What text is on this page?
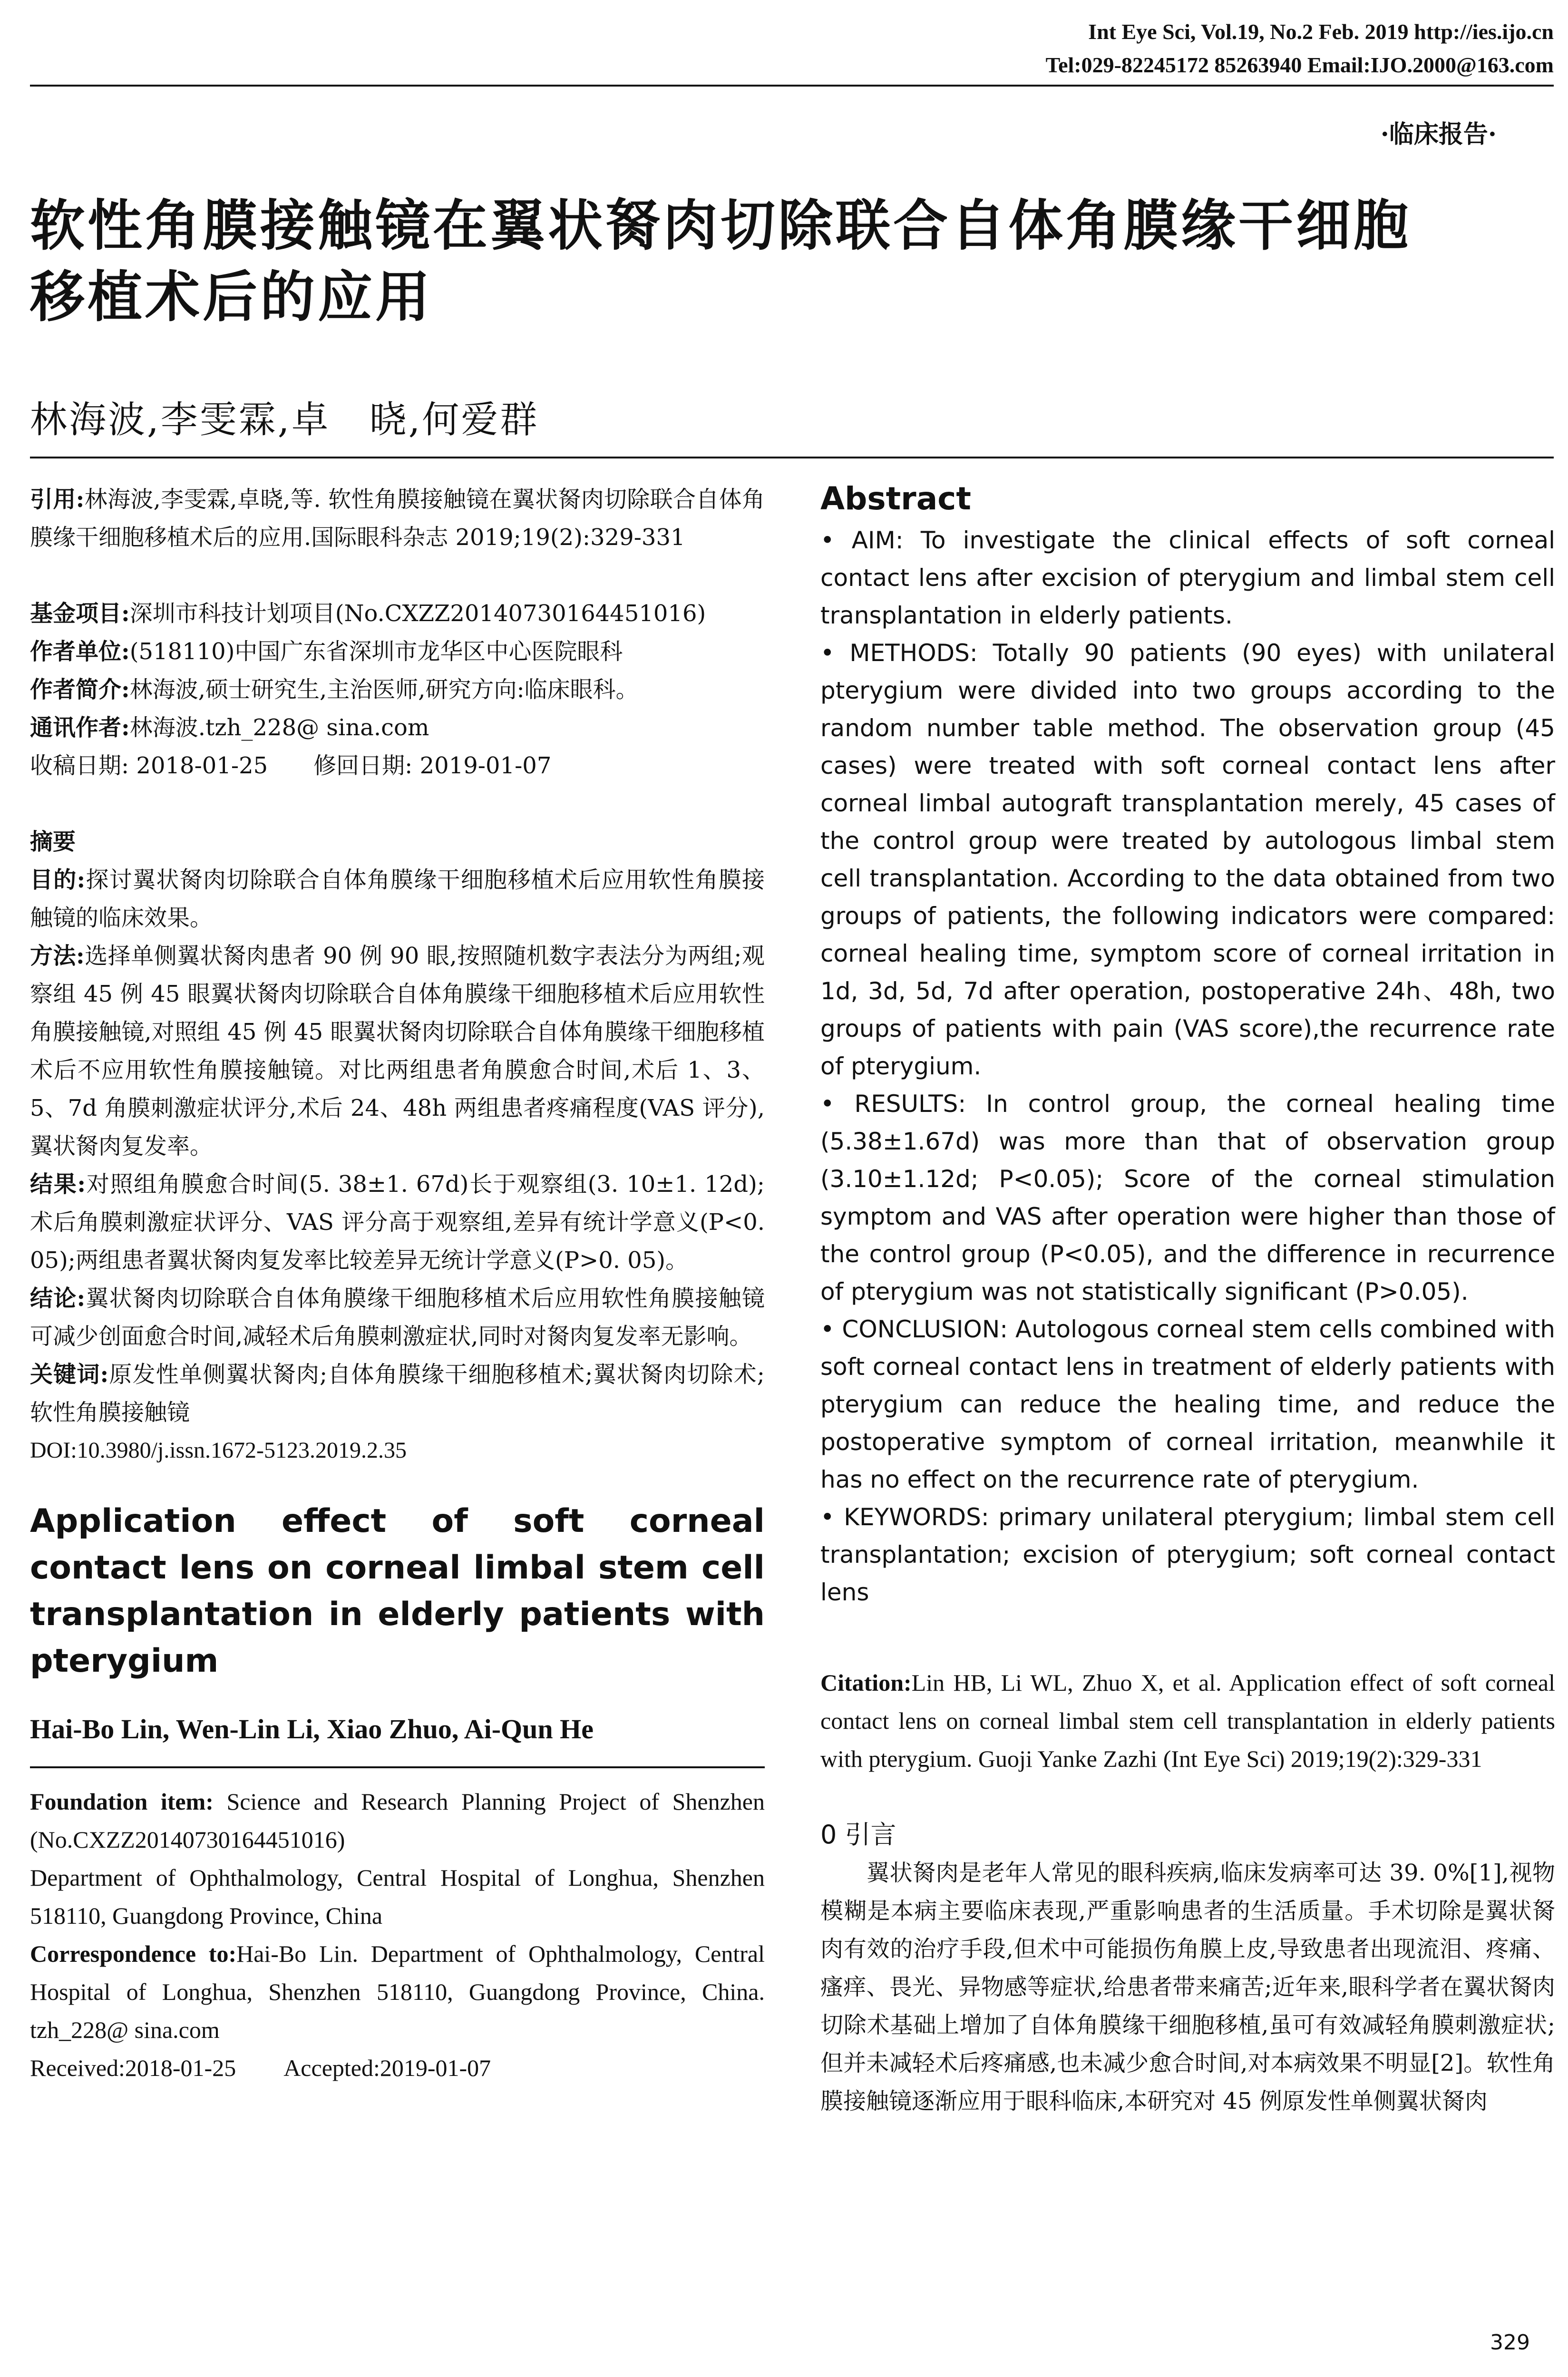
Int Eye Sci, Vol.19, No.2 Feb. 2019 http://ies.ijo.cn
Tel:029-82245172 85263940 Email:IJO.2000@163.com
·临床报告·
软性角膜接触镜在翼状胬肉切除联合自体角膜缘干细胞
移植术后的应用
林海波,李雯霖,卓　晓,何爱群

引用:林海波,李雯霖,卓晓,等. 软性角膜接触镜在翼状胬肉切除联合自体角膜缘干细胞移植术后的应用.国际眼科杂志 2019;19(2):329-331

基金项目:深圳市科技计划项目(No.CXZZ20140730164451016)

作者单位:(518110)中国广东省深圳市龙华区中心医院眼科

作者简介:林海波,硕士研究生,主治医师,研究方向:临床眼科。

通讯作者:林海波.tzh_228@ sina.com

收稿日期: 2018-01-25　　修回日期: 2019-01-07

摘要

目的:探讨翼状胬肉切除联合自体角膜缘干细胞移植术后应用软性角膜接触镜的临床效果。

方法:选择单侧翼状胬肉患者 90 例 90 眼,按照随机数字表法分为两组;观察组 45 例 45 眼翼状胬肉切除联合自体角膜缘干细胞移植术后应用软性角膜接触镜,对照组 45 例 45 眼翼状胬肉切除联合自体角膜缘干细胞移植术后不应用软性角膜接触镜。对比两组患者角膜愈合时间,术后 1、3、5、7d 角膜刺激症状评分,术后 24、48h 两组患者疼痛程度(VAS 评分),翼状胬肉复发率。

结果:对照组角膜愈合时间(5. 38±1. 67d)长于观察组(3. 10±1. 12d);术后角膜刺激症状评分、VAS 评分高于观察组,差异有统计学意义(P<0. 05);两组患者翼状胬肉复发率比较差异无统计学意义(P>0. 05)。

结论:翼状胬肉切除联合自体角膜缘干细胞移植术后应用软性角膜接触镜可减少创面愈合时间,减轻术后角膜刺激症状,同时对胬肉复发率无影响。

关键词:原发性单侧翼状胬肉;自体角膜缘干细胞移植术;翼状胬肉切除术;软性角膜接触镜

DOI:10.3980/j.issn.1672-5123.2019.2.35

Application effect of soft corneal contact lens on corneal limbal stem cell transplantation in elderly patients with pterygium

Hai-Bo Lin, Wen-Lin Li, Xiao Zhuo, Ai-Qun He

Foundation item: Science and Research Planning Project of Shenzhen (No.CXZZ20140730164451016)

Department of Ophthalmology, Central Hospital of Longhua, Shenzhen 518110, Guangdong Province, China

Correspondence to:Hai-Bo Lin. Department of Ophthalmology, Central Hospital of Longhua, Shenzhen 518110, Guangdong Province, China. tzh_228@ sina.com

Received:2018-01-25　　Accepted:2019-01-07

Abstract

• AIM: To investigate the clinical effects of soft corneal contact lens after excision of pterygium and limbal stem cell transplantation in elderly patients.

• METHODS: Totally 90 patients (90 eyes) with unilateral pterygium were divided into two groups according to the random number table method. The observation group (45 cases) were treated with soft corneal contact lens after corneal limbal autograft transplantation merely, 45 cases of the control group were treated by autologous limbal stem cell transplantation. According to the data obtained from two groups of patients, the following indicators were compared: corneal healing time, symptom score of corneal irritation in 1d, 3d, 5d, 7d after operation, postoperative 24h、48h, two groups of patients with pain (VAS score),the recurrence rate of pterygium.

• RESULTS: In control group, the corneal healing time (5.38±1.67d) was more than that of observation group (3.10±1.12d; P<0.05); Score of the corneal stimulation symptom and VAS after operation were higher than those of the control group (P<0.05), and the difference in recurrence of pterygium was not statistically significant (P>0.05).

• CONCLUSION: Autologous corneal stem cells combined with soft corneal contact lens in treatment of elderly patients with pterygium can reduce the healing time, and reduce the postoperative symptom of corneal irritation, meanwhile it has no effect on the recurrence rate of pterygium.

• KEYWORDS: primary unilateral pterygium; limbal stem cell transplantation; excision of pterygium; soft corneal contact lens

Citation:Lin HB, Li WL, Zhuo X, et al. Application effect of soft corneal contact lens on corneal limbal stem cell transplantation in elderly patients with pterygium. Guoji Yanke Zazhi (Int Eye Sci) 2019;19(2):329-331

0 引言

　　翼状胬肉是老年人常见的眼科疾病,临床发病率可达 39. 0%[1],视物模糊是本病主要临床表现,严重影响患者的生活质量。手术切除是翼状胬肉有效的治疗手段,但术中可能损伤角膜上皮,导致患者出现流泪、疼痛、瘙痒、畏光、异物感等症状,给患者带来痛苦;近年来,眼科学者在翼状胬肉切除术基础上增加了自体角膜缘干细胞移植,虽可有效减轻角膜刺激症状;但并未减轻术后疼痛感,也未减少愈合时间,对本病效果不明显[2]。软性角膜接触镜逐渐应用于眼科临床,本研究对 45 例原发性单侧翼状胬肉

329
